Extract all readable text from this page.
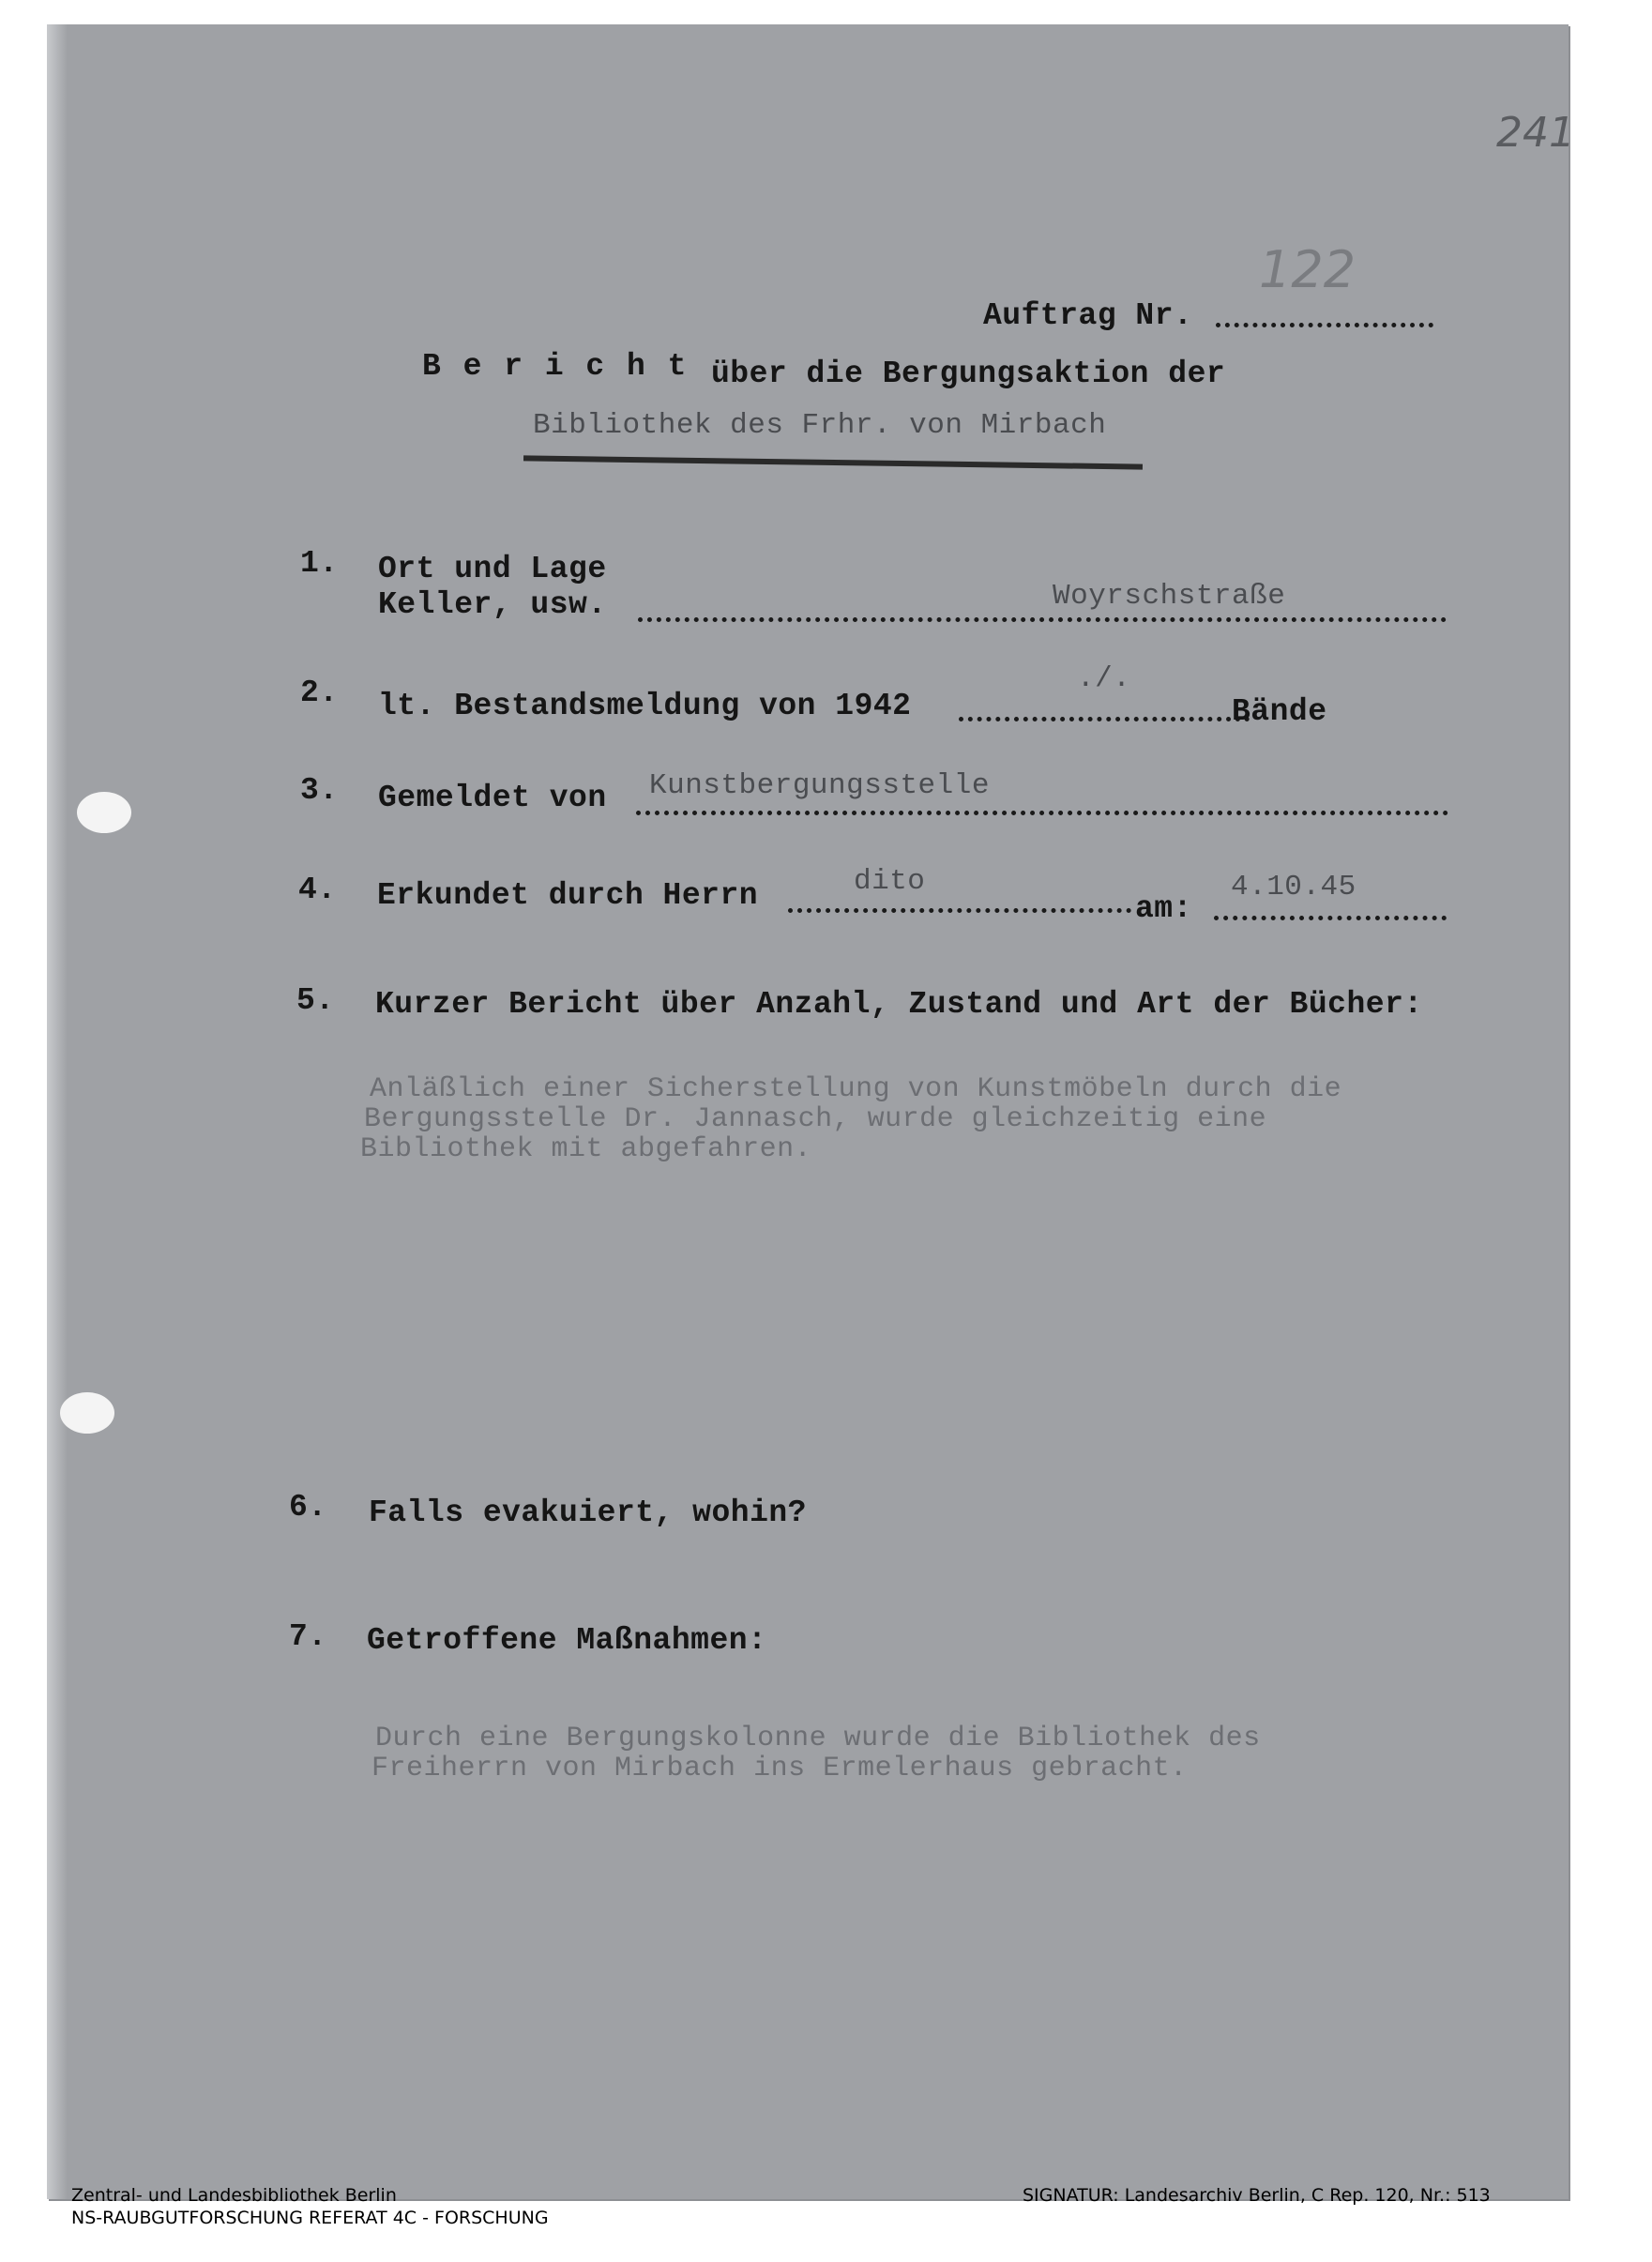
241
122
Auftrag Nr.
B e r i c h t über die Bergungsaktion der
Bibliothek des Frhr. von Mirbach
1. Ort und Lage
Keller, usw.	Woyrschstraße
2. lt. Bestandsmeldung von 1942
./.
Bände
3. Gemeldet von Kunstbergungsstelle
4. Erkundet durch Herrn	dito
am:
4.10.45
5. Kurzer Bericht über Anzahl, Zustand und Art der Bücher:
Anläßlich einer Sicherstellung von Kunstmöbeln durch die
Bergungsstelle Dr. Jannasch, wurde gleichzeitig eine
Bibliothek mit abgefahren.
6. Falls evakuiert, wohin?
7. Getroffene Maßnahmen:
Durch eine Bergungskolonne wurde die Bibliothek des
Freiherrn von Mirbach ins Ermelerhaus gebracht.
Zentral- und Landesbibliothek Berlin
NS-RAUBGUTFORSCHUNG REFERAT 4C - FORSCHUNG
SIGNATUR: Landesarchiv Berlin, C Rep. 120, Nr.: 513
